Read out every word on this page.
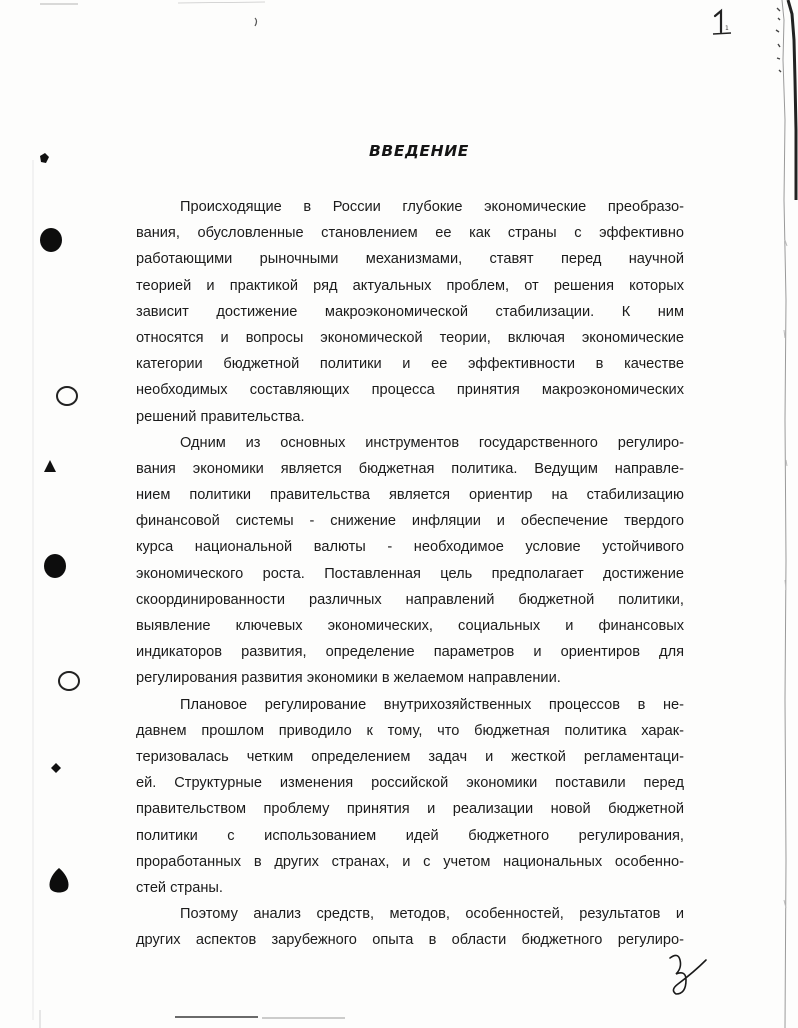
1
ВВЕДЕНИЕ
Происходящие в России глубокие экономические преобразо-
вания, обусловленные становлением ее как страны с эффективно
работающими рыночными механизмами, ставят перед научной
теорией и практикой ряд актуальных проблем, от решения которых
зависит достижение макроэкономической стабилизации. К ним
относятся и вопросы экономической теории, включая экономические
категории бюджетной политики и ее эффективности в качестве
необходимых составляющих процесса принятия макроэкономических
решений правительства.
Одним из основных инструментов государственного регулиро-
вания экономики является бюджетная политика. Ведущим направле-
нием политики правительства является ориентир на стабилизацию
финансовой системы - снижение инфляции и обеспечение твердого
курса национальной валюты - необходимое условие устойчивого
экономического роста. Поставленная цель предполагает достижение
скоординированности различных направлений бюджетной политики,
выявление ключевых экономических, социальных и финансовых
индикаторов развития, определение параметров и ориентиров для
регулирования развития экономики в желаемом направлении.
Плановое регулирование внутрихозяйственных процессов в не-
давнем прошлом приводило к тому, что бюджетная политика харак-
теризовалась четким определением задач и жесткой регламентаци-
ей. Структурные изменения российской экономики поставили перед
правительством проблему принятия и реализации новой бюджетной
политики с использованием идей бюджетного регулирования,
проработанных в других странах, и с учетом национальных особенно-
стей страны.
Поэтому анализ средств, методов, особенностей, результатов и
других аспектов зарубежного опыта в области бюджетного регулиро-
